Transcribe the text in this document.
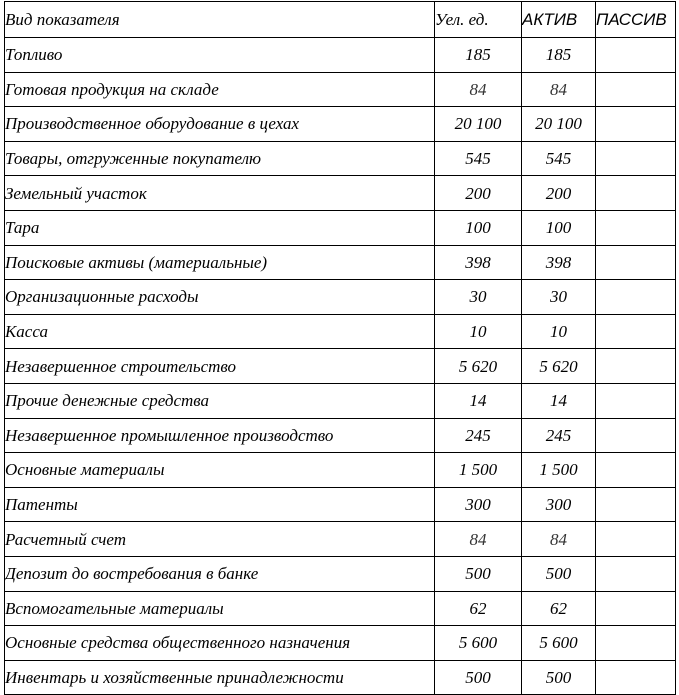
Вид показателя	Уел. ед.	АКТИВ	ПАССИВ
Топливо	185	185	
Готовая продукция на складе	84	84	
Производственное оборудование в цехах	20 100	20 100	
Товары, отгруженные покупателю	545	545	
Земельный участок	200	200	
Тара	100	100	
Поисковые активы (материальные)	398	398	
Организационные расходы	30	30	
Касса	10	10	
Незавершенное строительство	5 620	5 620	
Прочие денежные средства	14	14	
Незавершенное промышленное производство	245	245	
Основные материалы	1 500	1 500	
Патенты	300	300	
Расчетный счет	84	84	
Депозит до востребования в банке	500	500	
Вспомогательные материалы	62	62	
Основные средства общественного назначения	5 600	5 600	
Инвентарь и хозяйственные принадлежности	500	500	
